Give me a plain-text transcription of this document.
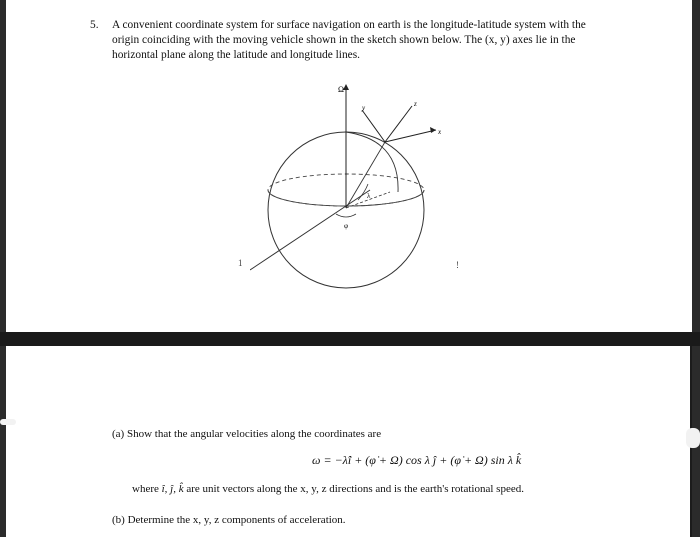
5. A convenient coordinate system for surface navigation on earth is the longitude-latitude system with the origin coinciding with the moving vehicle shown in the sketch shown below. The (x, y) axes lie in the horizontal plane along the latitude and longitude lines.
Ω
y	z
x
λ
φ
1	!
(a) Show that the angular velocities along the coordinates are
ω = −λ̇î + (φ̇ + Ω) cos λ ĵ + (φ̇ + Ω) sin λ k̂
where î, ĵ, k̂ are unit vectors along the x, y, z directions and is the earth's rotational speed.
(b) Determine the x, y, z components of acceleration.
